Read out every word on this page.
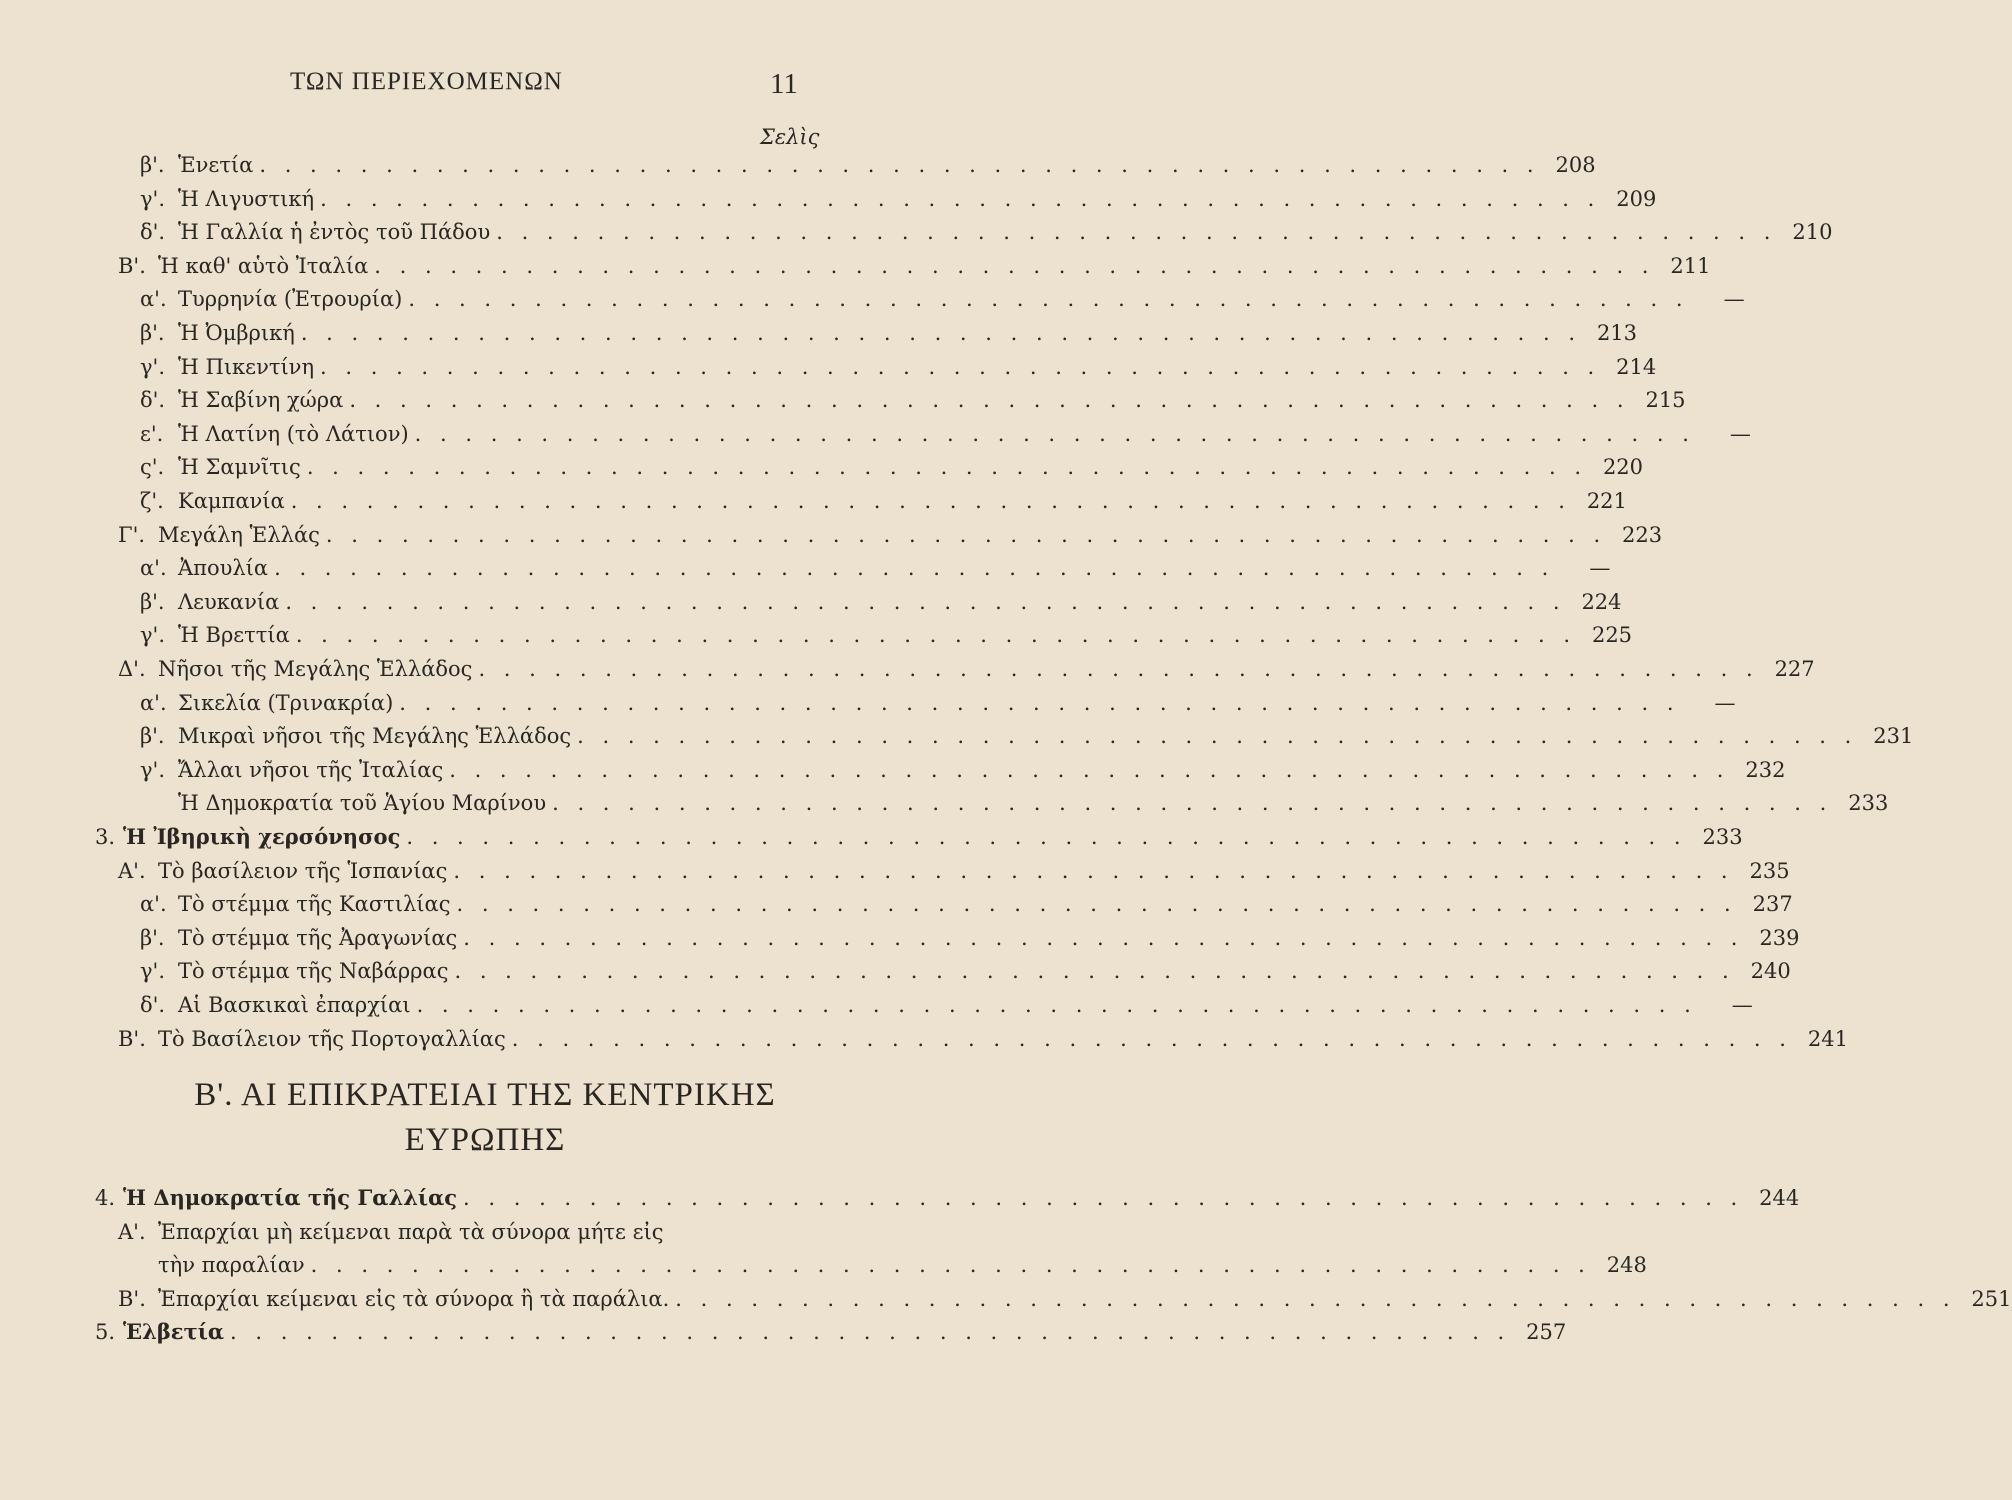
ΤΩΝ ΠΕΡΙΕΧΟΜΕΝΩΝ	11
Σελὶς
β'. Ἑνετία . . . . . . . . . . . . . . . . . . . . . . . . . . . . . . . . . . . . . . . . . . . . . . . . . . . 208
γ'. Ἡ Λιγυστική . . . . . . . . . . . . . . . . . . . . . . . . . . . . . . . . . . . . . . . . . . . . . . . . . . . 209
δ'. Ἡ Γαλλία ἡ ἐντὸς τοῦ Πάδου . . . . . . . . . . . . . . . . . . . . . . . . . . . . . . . . . . . . . . . . . . . . . . . . . . . 210
Β'. Ἡ καθ' αὑτὸ Ἰταλία . . . . . . . . . . . . . . . . . . . . . . . . . . . . . . . . . . . . . . . . . . . . . . . . . . . 211
α'. Τυρρηνία (Ἐτρουρία) . . . . . . . . . . . . . . . . . . . . . . . . . . . . . . . . . . . . . . . . . . . . . . . . . . .	—
β'. Ἡ Ὀμβρική . . . . . . . . . . . . . . . . . . . . . . . . . . . . . . . . . . . . . . . . . . . . . . . . . . . 213
γ'. Ἡ Πικεντίνη . . . . . . . . . . . . . . . . . . . . . . . . . . . . . . . . . . . . . . . . . . . . . . . . . . . 214
δ'. Ἡ Σαβίνη χώρα . . . . . . . . . . . . . . . . . . . . . . . . . . . . . . . . . . . . . . . . . . . . . . . . . . . 215
ε'. Ἡ Λατίνη (τὸ Λάτιον) . . . . . . . . . . . . . . . . . . . . . . . . . . . . . . . . . . . . . . . . . . . . . . . . . . .	—
ς'. Ἡ Σαμνῖτις . . . . . . . . . . . . . . . . . . . . . . . . . . . . . . . . . . . . . . . . . . . . . . . . . . . 220
ζ'. Καμπανία . . . . . . . . . . . . . . . . . . . . . . . . . . . . . . . . . . . . . . . . . . . . . . . . . . . 221
Γ'. Μεγάλη Ἑλλάς . . . . . . . . . . . . . . . . . . . . . . . . . . . . . . . . . . . . . . . . . . . . . . . . . . . 223
α'. Ἀπουλία . . . . . . . . . . . . . . . . . . . . . . . . . . . . . . . . . . . . . . . . . . . . . . . . . . .	—
β'. Λευκανία . . . . . . . . . . . . . . . . . . . . . . . . . . . . . . . . . . . . . . . . . . . . . . . . . . . 224
γ'. Ἡ Βρεττία . . . . . . . . . . . . . . . . . . . . . . . . . . . . . . . . . . . . . . . . . . . . . . . . . . . 225
Δ'. Νῆσοι τῆς Μεγάλης Ἑλλάδος . . . . . . . . . . . . . . . . . . . . . . . . . . . . . . . . . . . . . . . . . . . . . . . . . . . 227
α'. Σικελία (Τρινακρία) . . . . . . . . . . . . . . . . . . . . . . . . . . . . . . . . . . . . . . . . . . . . . . . . . . .	—
β'. Μικραὶ νῆσοι τῆς Μεγάλης Ἑλλάδος . . . . . . . . . . . . . . . . . . . . . . . . . . . . . . . . . . . . . . . . . . . . . . . . . . . 231
γ'. Ἄλλαι νῆσοι τῆς Ἰταλίας . . . . . . . . . . . . . . . . . . . . . . . . . . . . . . . . . . . . . . . . . . . . . . . . . . . 232
Ἡ Δημοκρατία τοῦ Ἁγίου Μαρίνου . . . . . . . . . . . . . . . . . . . . . . . . . . . . . . . . . . . . . . . . . . . . . . . . . . . 233
3. Ἡ Ἰβηρικὴ χερσόνησος . . . . . . . . . . . . . . . . . . . . . . . . . . . . . . . . . . . . . . . . . . . . . . . . . . . 233
Α'. Τὸ βασίλειον τῆς Ἱσπανίας . . . . . . . . . . . . . . . . . . . . . . . . . . . . . . . . . . . . . . . . . . . . . . . . . . . 235
α'. Τὸ στέμμα τῆς Καστιλίας . . . . . . . . . . . . . . . . . . . . . . . . . . . . . . . . . . . . . . . . . . . . . . . . . . . 237
β'. Τὸ στέμμα τῆς Ἀραγωνίας . . . . . . . . . . . . . . . . . . . . . . . . . . . . . . . . . . . . . . . . . . . . . . . . . . . 239
γ'. Τὸ στέμμα τῆς Ναβάρρας . . . . . . . . . . . . . . . . . . . . . . . . . . . . . . . . . . . . . . . . . . . . . . . . . . . 240
δ'. Αἱ Βασκικαὶ ἐπαρχίαι . . . . . . . . . . . . . . . . . . . . . . . . . . . . . . . . . . . . . . . . . . . . . . . . . . .	—
Β'. Τὸ Βασίλειον τῆς Πορτογαλλίας . . . . . . . . . . . . . . . . . . . . . . . . . . . . . . . . . . . . . . . . . . . . . . . . . . . 241
Β'. ΑΙ ΕΠΙΚΡΑΤΕΙΑΙ ΤΗΣ ΚΕΝΤΡΙΚΗΣ
ΕΥΡΩΠΗΣ
4. Ἡ Δημοκρατία τῆς Γαλλίας . . . . . . . . . . . . . . . . . . . . . . . . . . . . . . . . . . . . . . . . . . . . . . . . . . . 244
Α'. Ἐπαρχίαι μὴ κείμεναι παρὰ τὰ σύνορα μήτε εἰς
τὴν παραλίαν . . . . . . . . . . . . . . . . . . . . . . . . . . . . . . . . . . . . . . . . . . . . . . . . . . . 248
Β'. Ἐπαρχίαι κείμεναι εἰς τὰ σύνορα ἢ τὰ παράλια. . . . . . . . . . . . . . . . . . . . . . . . . . . . . . . . . . . . . . . . . . . . . . . . . . . . 251
5. Ἑλβετία . . . . . . . . . . . . . . . . . . . . . . . . . . . . . . . . . . . . . . . . . . . . . . . . . . . 257
